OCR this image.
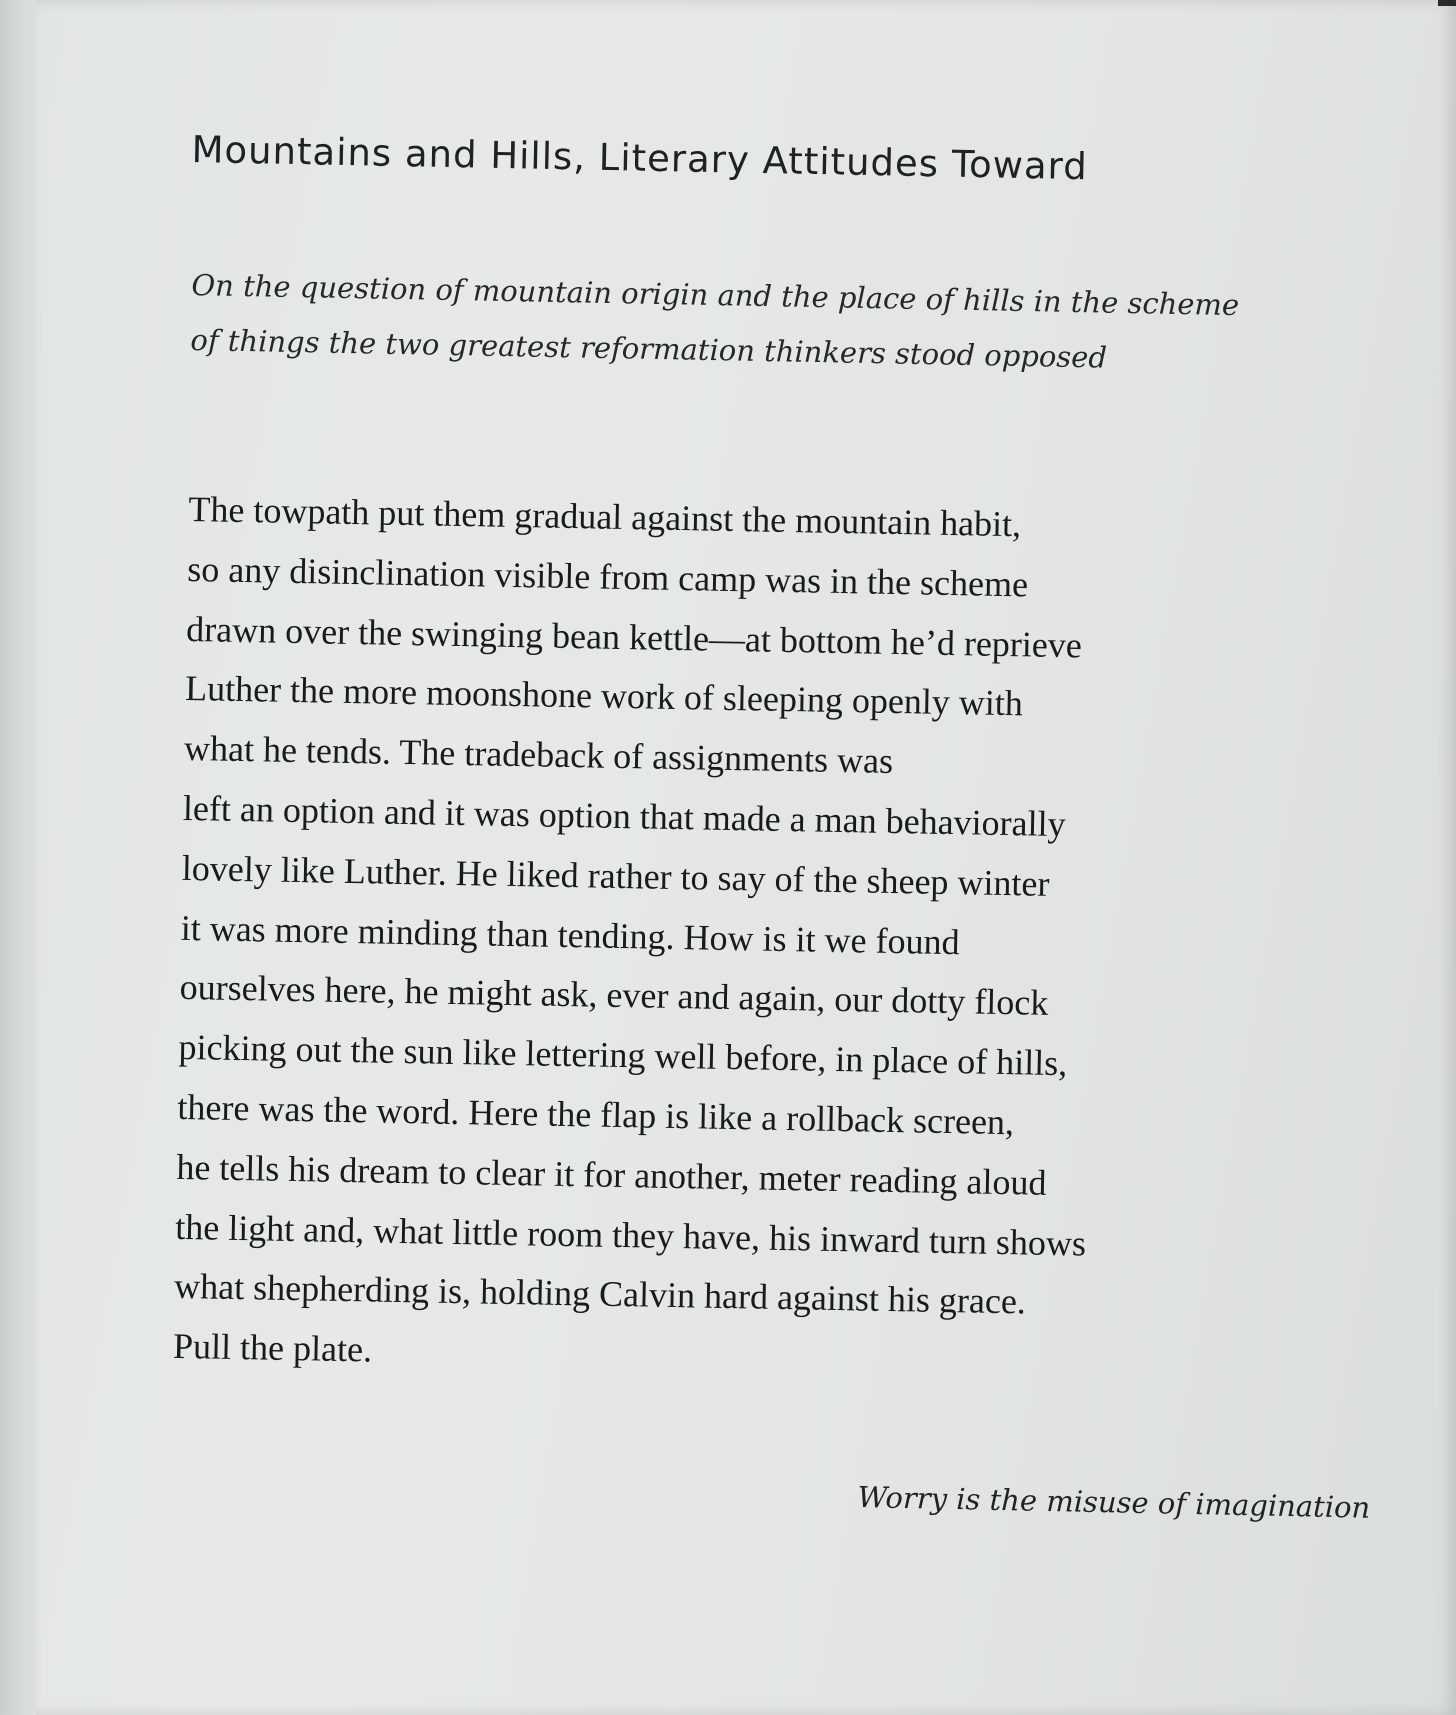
Mountains and Hills, Literary Attitudes Toward
On the question of mountain origin and the place of hills in the scheme
of things the two greatest reformation thinkers stood opposed
The towpath put them gradual against the mountain habit,
so any disinclination visible from camp was in the scheme
drawn over the swinging bean kettle—at bottom he’d reprieve
Luther the more moonshone work of sleeping openly with
what he tends. The tradeback of assignments was
left an option and it was option that made a man behaviorally
lovely like Luther. He liked rather to say of the sheep winter
it was more minding than tending. How is it we found
ourselves here, he might ask, ever and again, our dotty flock
picking out the sun like lettering well before, in place of hills,
there was the word. Here the flap is like a rollback screen,
he tells his dream to clear it for another, meter reading aloud
the light and, what little room they have, his inward turn shows
what shepherding is, holding Calvin hard against his grace.
Pull the plate.

Worry is the misuse of imagination
